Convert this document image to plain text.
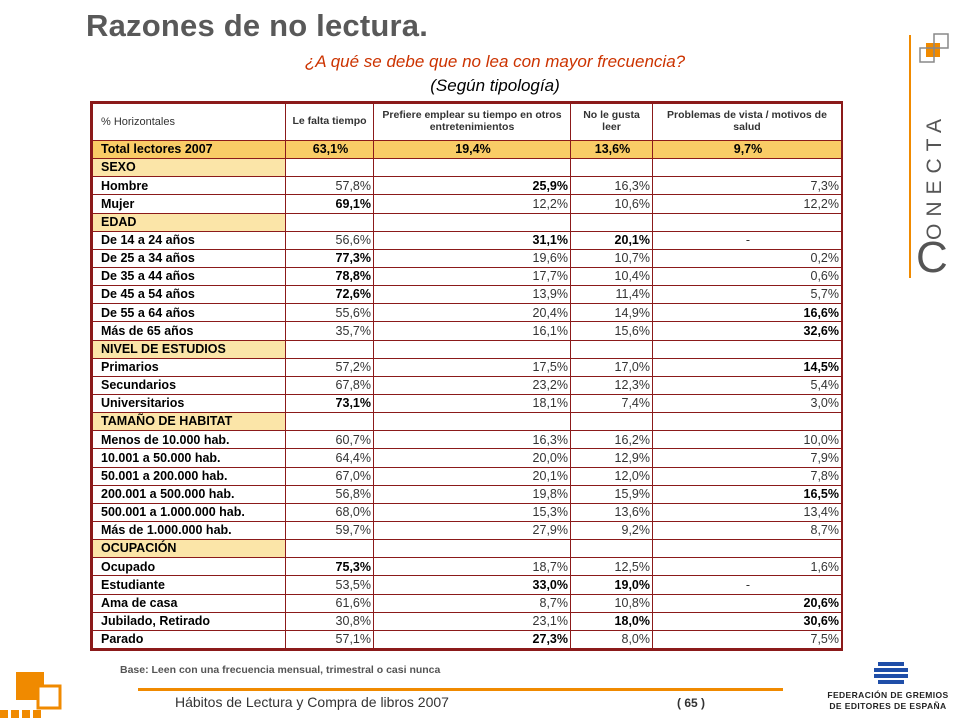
Razones de no lectura.
¿A qué se debe que no lea con mayor frecuencia?
(Según tipología)
ONECTA
C
% Horizontales	Le falta tiempo	Prefiere emplear su tiempo en otros entretenimientos	No le gusta leer	Problemas de vista / motivos de salud
Total lectores 2007	63,1%	19,4%	13,6%	9,7%
SEXO				
Hombre	57,8%	25,9%	16,3%	7,3%
Mujer	69,1%	12,2%	10,6%	12,2%
EDAD				
De 14 a 24 años	56,6%	31,1%	20,1%	-
De 25 a 34 años	77,3%	19,6%	10,7%	0,2%
De 35 a 44 años	78,8%	17,7%	10,4%	0,6%
De 45 a 54 años	72,6%	13,9%	11,4%	5,7%
De 55 a 64 años	55,6%	20,4%	14,9%	16,6%
Más de 65 años	35,7%	16,1%	15,6%	32,6%
NIVEL DE ESTUDIOS				
Primarios	57,2%	17,5%	17,0%	14,5%
Secundarios	67,8%	23,2%	12,3%	5,4%
Universitarios	73,1%	18,1%	7,4%	3,0%
TAMAÑO DE HABITAT				
Menos de 10.000 hab.	60,7%	16,3%	16,2%	10,0%
10.001 a 50.000 hab.	64,4%	20,0%	12,9%	7,9%
50.001 a 200.000 hab.	67,0%	20,1%	12,0%	7,8%
200.001 a 500.000 hab.	56,8%	19,8%	15,9%	16,5%
500.001 a 1.000.000 hab.	68,0%	15,3%	13,6%	13,4%
Más de 1.000.000 hab.	59,7%	27,9%	9,2%	8,7%
OCUPACIÓN				
Ocupado	75,3%	18,7%	12,5%	1,6%
Estudiante	53,5%	33,0%	19,0%	-
Ama de casa	61,6%	8,7%	10,8%	20,6%
Jubilado, Retirado	30,8%	23,1%	18,0%	30,6%
Parado	57,1%	27,3%	8,0%	7,5%
Base: Leen con una frecuencia mensual, trimestral o casi nunca
Hábitos de Lectura y Compra de libros 2007	( 65 )
FEDERACIÓN DE GREMIOS
DE EDITORES DE ESPAÑA
